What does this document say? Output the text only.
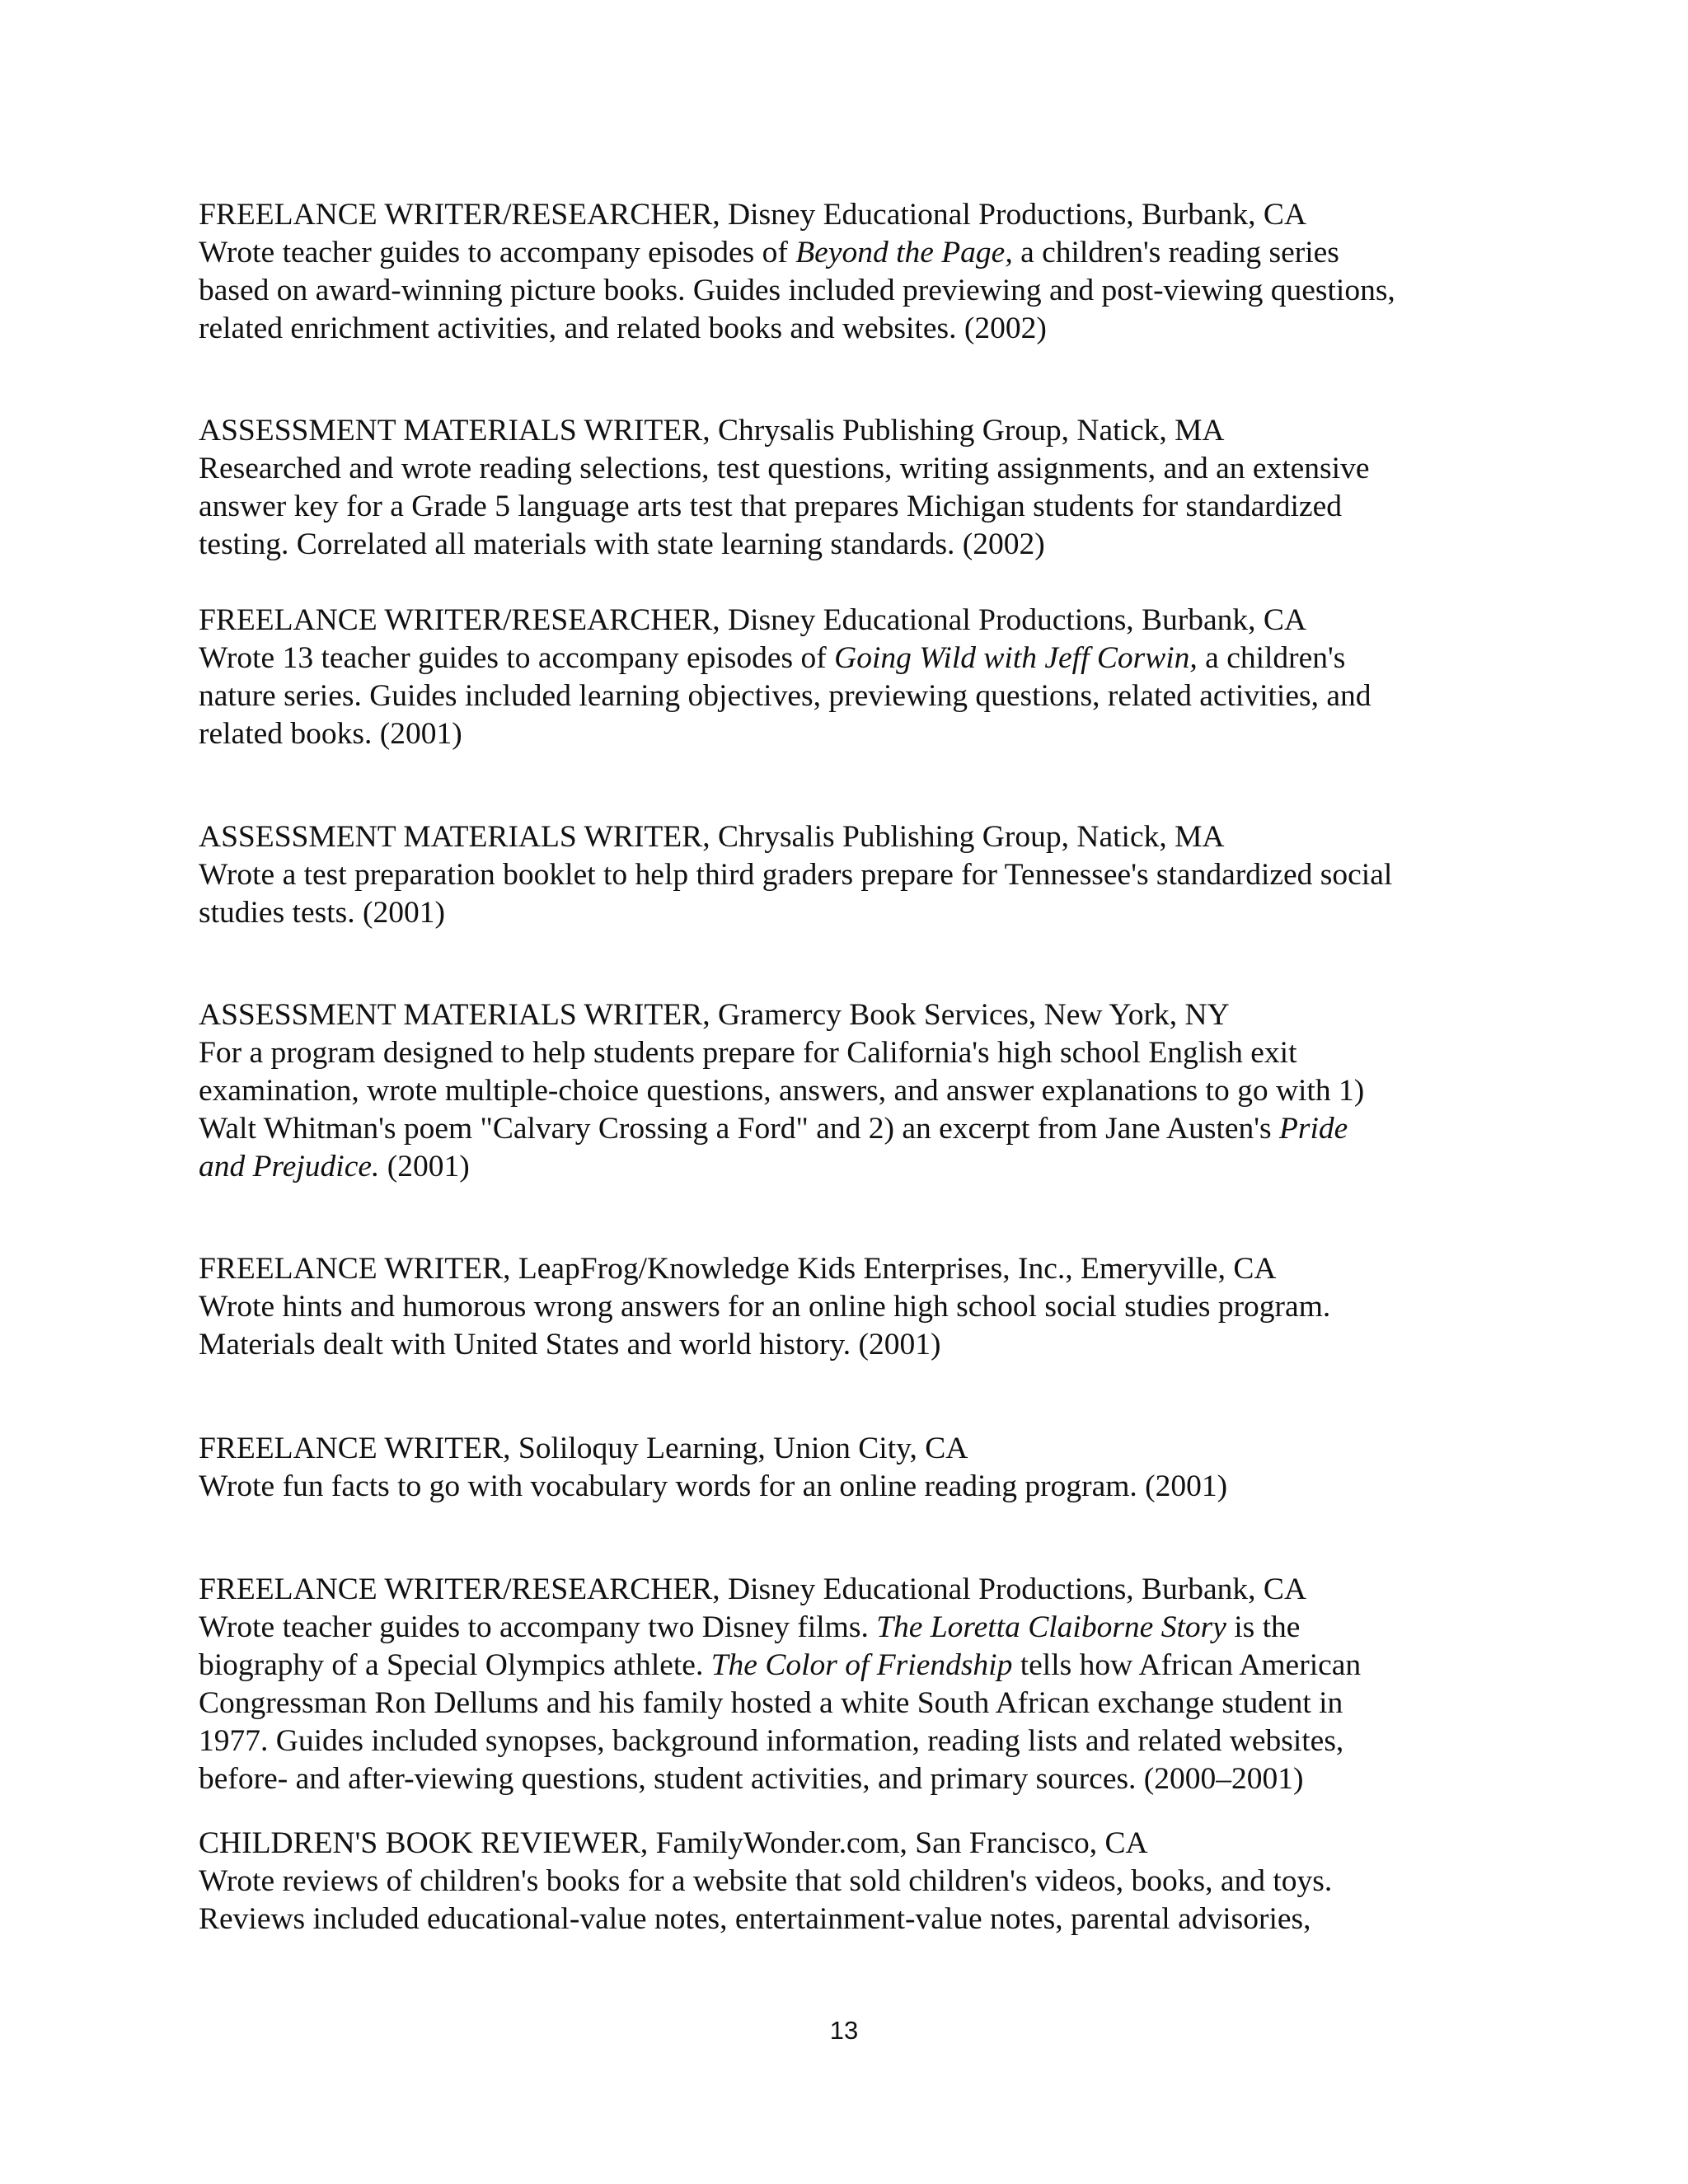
FREELANCE WRITER/RESEARCHER, Disney Educational Productions, Burbank, CA
Wrote teacher guides to accompany episodes of Beyond the Page, a children's reading series
based on award-winning picture books. Guides included previewing and post-viewing questions,
related enrichment activities, and related books and websites. (2002)
ASSESSMENT MATERIALS WRITER, Chrysalis Publishing Group, Natick, MA
Researched and wrote reading selections, test questions, writing assignments, and an extensive
answer key for a Grade 5 language arts test that prepares Michigan students for standardized
testing. Correlated all materials with state learning standards. (2002)
FREELANCE WRITER/RESEARCHER, Disney Educational Productions, Burbank, CA
Wrote 13 teacher guides to accompany episodes of Going Wild with Jeff Corwin, a children's
nature series. Guides included learning objectives, previewing questions, related activities, and
related books. (2001)
ASSESSMENT MATERIALS WRITER, Chrysalis Publishing Group, Natick, MA
Wrote a test preparation booklet to help third graders prepare for Tennessee's standardized social
studies tests. (2001)
ASSESSMENT MATERIALS WRITER, Gramercy Book Services, New York, NY
For a program designed to help students prepare for California's high school English exit
examination, wrote multiple-choice questions, answers, and answer explanations to go with 1)
Walt Whitman's poem "Calvary Crossing a Ford" and 2) an excerpt from Jane Austen's Pride
and Prejudice. (2001)
FREELANCE WRITER, LeapFrog/Knowledge Kids Enterprises, Inc., Emeryville, CA
Wrote hints and humorous wrong answers for an online high school social studies program.
Materials dealt with United States and world history. (2001)
FREELANCE WRITER, Soliloquy Learning, Union City, CA
Wrote fun facts to go with vocabulary words for an online reading program. (2001)
FREELANCE WRITER/RESEARCHER, Disney Educational Productions, Burbank, CA
Wrote teacher guides to accompany two Disney films. The Loretta Claiborne Story is the
biography of a Special Olympics athlete. The Color of Friendship tells how African American
Congressman Ron Dellums and his family hosted a white South African exchange student in
1977. Guides included synopses, background information, reading lists and related websites,
before- and after-viewing questions, student activities, and primary sources. (2000–2001)
CHILDREN'S BOOK REVIEWER, FamilyWonder.com, San Francisco, CA
Wrote reviews of children's books for a website that sold children's videos, books, and toys.
Reviews included educational-value notes, entertainment-value notes, parental advisories,
13
